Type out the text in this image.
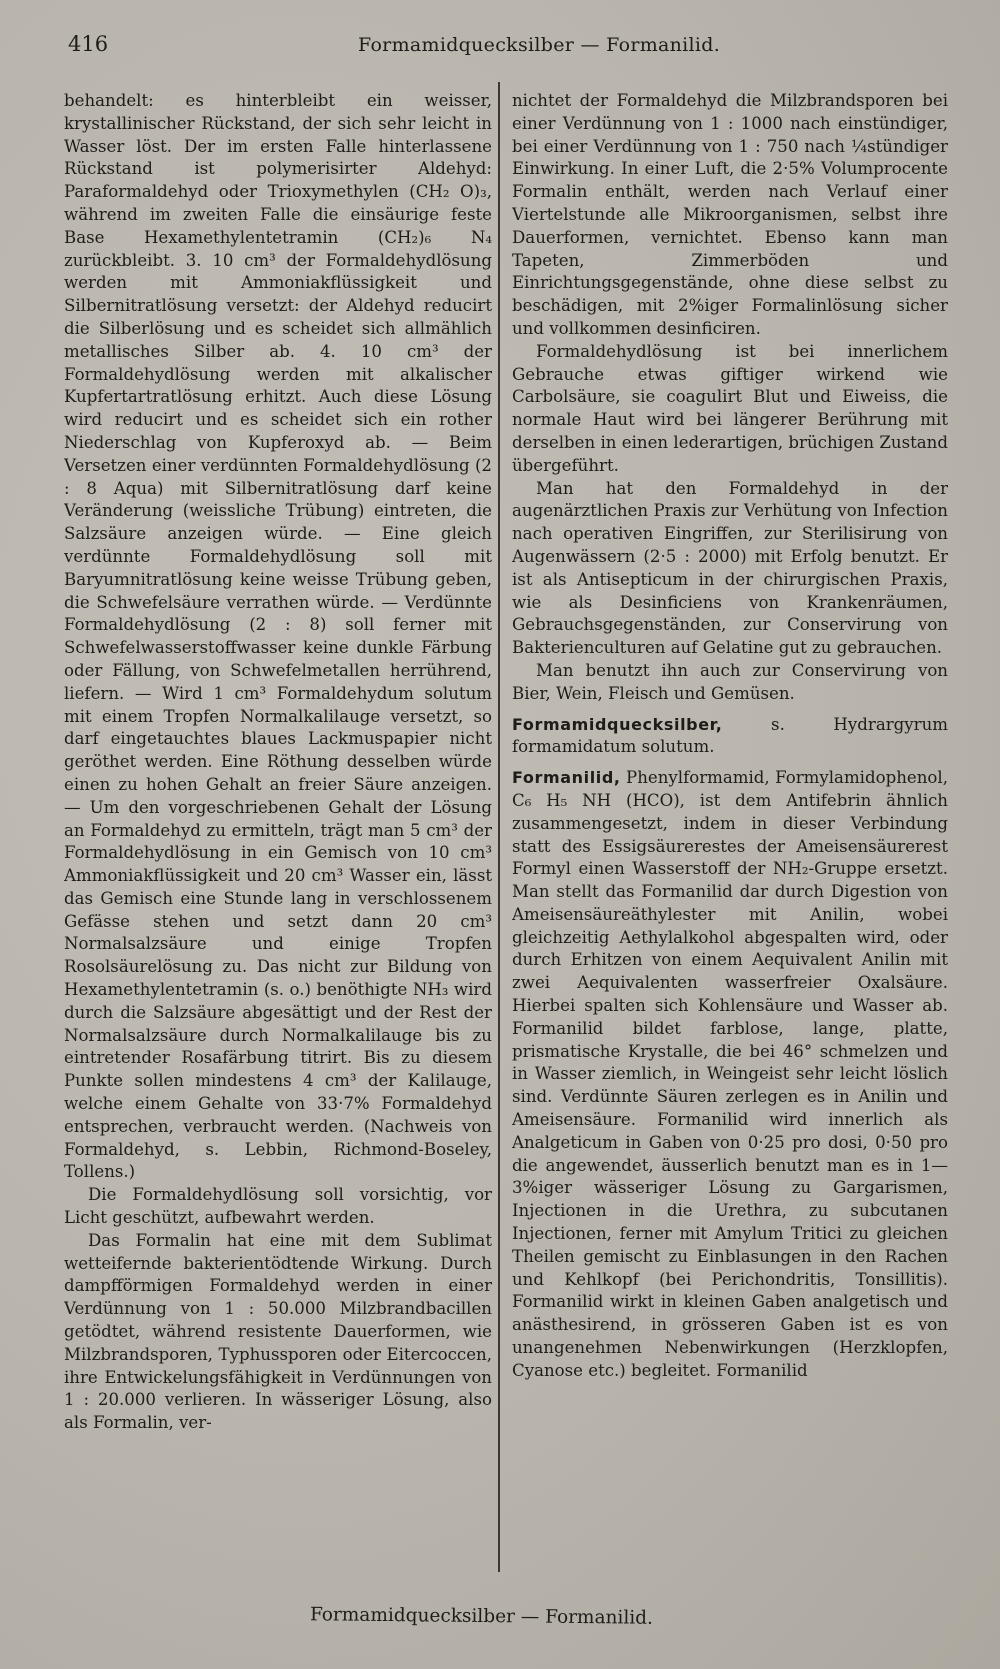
416	Formamidquecksilber — Formanilid.

behandelt: es hinterbleibt ein weisser, krystallinischer Rückstand, der sich sehr leicht in Wasser löst. Der im ersten Falle hinterlassene Rückstand ist polymerisirter Aldehyd: Paraformaldehyd oder Trioxymethylen (CH₂ O)₃, während im zweiten Falle die einsäurige feste Base Hexamethylentetramin (CH₂)₆ N₄ zurückbleibt. 3. 10 cm³ der Formaldehydlösung werden mit Ammoniakflüssigkeit und Silbernitratlösung versetzt: der Aldehyd reducirt die Silberlösung und es scheidet sich allmählich metallisches Silber ab. 4. 10 cm³ der Formaldehydlösung werden mit alkalischer Kupfertartratlösung erhitzt. Auch diese Lösung wird reducirt und es scheidet sich ein rother Niederschlag von Kupferoxyd ab. — Beim Versetzen einer verdünnten Formaldehydlösung (2 : 8 Aqua) mit Silbernitratlösung darf keine Veränderung (weissliche Trübung) eintreten, die Salzsäure anzeigen würde. — Eine gleich verdünnte Formaldehydlösung soll mit Baryumnitratlösung keine weisse Trübung geben, die Schwefelsäure verrathen würde. — Verdünnte Formaldehydlösung (2 : 8) soll ferner mit Schwefelwasserstoffwasser keine dunkle Färbung oder Fällung, von Schwefelmetallen herrührend, liefern. — Wird 1 cm³ Formaldehydum solutum mit einem Tropfen Normalkalilauge versetzt, so darf eingetauchtes blaues Lackmuspapier nicht geröthet werden. Eine Röthung desselben würde einen zu hohen Gehalt an freier Säure anzeigen. — Um den vorgeschriebenen Gehalt der Lösung an Formaldehyd zu ermitteln, trägt man 5 cm³ der Formaldehydlösung in ein Gemisch von 10 cm³ Ammoniakflüssigkeit und 20 cm³ Wasser ein, lässt das Gemisch eine Stunde lang in verschlossenem Gefässe stehen und setzt dann 20 cm³ Normalsalzsäure und einige Tropfen Rosolsäurelösung zu. Das nicht zur Bildung von Hexamethylentetramin (s. o.) benöthigte NH₃ wird durch die Salzsäure abgesättigt und der Rest der Normalsalzsäure durch Normalkalilauge bis zu eintretender Rosafärbung titrirt. Bis zu diesem Punkte sollen mindestens 4 cm³ der Kalilauge, welche einem Gehalte von 33·7% Formaldehyd entsprechen, verbraucht werden. (Nachweis von Formaldehyd, s. Lebbin, Richmond-Boseley, Tollens.)

Die Formaldehydlösung soll vorsichtig, vor Licht geschützt, aufbewahrt werden.

Das Formalin hat eine mit dem Sublimat wetteifernde bakterientödtende Wirkung. Durch dampfförmigen Formaldehyd werden in einer Verdünnung von 1 : 50.000 Milzbrandbacillen getödtet, während resistente Dauerformen, wie Milzbrandsporen, Typhussporen oder Eitercoccen, ihre Entwickelungsfähigkeit in Verdünnungen von 1 : 20.000 verlieren. In wässeriger Lösung, also als Formalin, ver-

nichtet der Formaldehyd die Milzbrandsporen bei einer Verdünnung von 1 : 1000 nach einstündiger, bei einer Verdünnung von 1 : 750 nach ¼stündiger Einwirkung. In einer Luft, die 2·5% Volumprocente Formalin enthält, werden nach Verlauf einer Viertelstunde alle Mikroorganismen, selbst ihre Dauerformen, vernichtet. Ebenso kann man Tapeten, Zimmerböden und Einrichtungsgegenstände, ohne diese selbst zu beschädigen, mit 2%iger Formalinlösung sicher und vollkommen desinficiren.

Formaldehydlösung ist bei innerlichem Gebrauche etwas giftiger wirkend wie Carbolsäure, sie coagulirt Blut und Eiweiss, die normale Haut wird bei längerer Berührung mit derselben in einen lederartigen, brüchigen Zustand übergeführt.

Man hat den Formaldehyd in der augenärztlichen Praxis zur Verhütung von Infection nach operativen Eingriffen, zur Sterilisirung von Augenwässern (2·5 : 2000) mit Erfolg benutzt. Er ist als Antisepticum in der chirurgischen Praxis, wie als Desinficiens von Krankenräumen, Gebrauchsgegenständen, zur Conservirung von Bakterienculturen auf Gelatine gut zu gebrauchen.

Man benutzt ihn auch zur Conservirung von Bier, Wein, Fleisch und Gemüsen.

Formamidquecksilber, s. Hydrargyrum formamidatum solutum.

Formanilid, Phenylformamid, Formylamidophenol, C₆ H₅ NH (HCO), ist dem Antifebrin ähnlich zusammengesetzt, indem in dieser Verbindung statt des Essigsäurerestes der Ameisensäurerest Formyl einen Wasserstoff der NH₂-Gruppe ersetzt. Man stellt das Formanilid dar durch Digestion von Ameisensäureäthylester mit Anilin, wobei gleichzeitig Aethylalkohol abgespalten wird, oder durch Erhitzen von einem Aequivalent Anilin mit zwei Aequivalenten wasserfreier Oxalsäure. Hierbei spalten sich Kohlensäure und Wasser ab. Formanilid bildet farblose, lange, platte, prismatische Krystalle, die bei 46° schmelzen und in Wasser ziemlich, in Weingeist sehr leicht löslich sind. Verdünnte Säuren zerlegen es in Anilin und Ameisensäure. Formanilid wird innerlich als Analgeticum in Gaben von 0·25 pro dosi, 0·50 pro die angewendet, äusserlich benutzt man es in 1—3%iger wässeriger Lösung zu Gargarismen, Injectionen in die Urethra, zu subcutanen Injectionen, ferner mit Amylum Tritici zu gleichen Theilen gemischt zu Einblasungen in den Rachen und Kehlkopf (bei Perichondritis, Tonsillitis). Formanilid wirkt in kleinen Gaben analgetisch und anästhesirend, in grösseren Gaben ist es von unangenehmen Nebenwirkungen (Herzklopfen, Cyanose etc.) begleitet. Formanilid

Formamidquecksilber — Formanilid.
